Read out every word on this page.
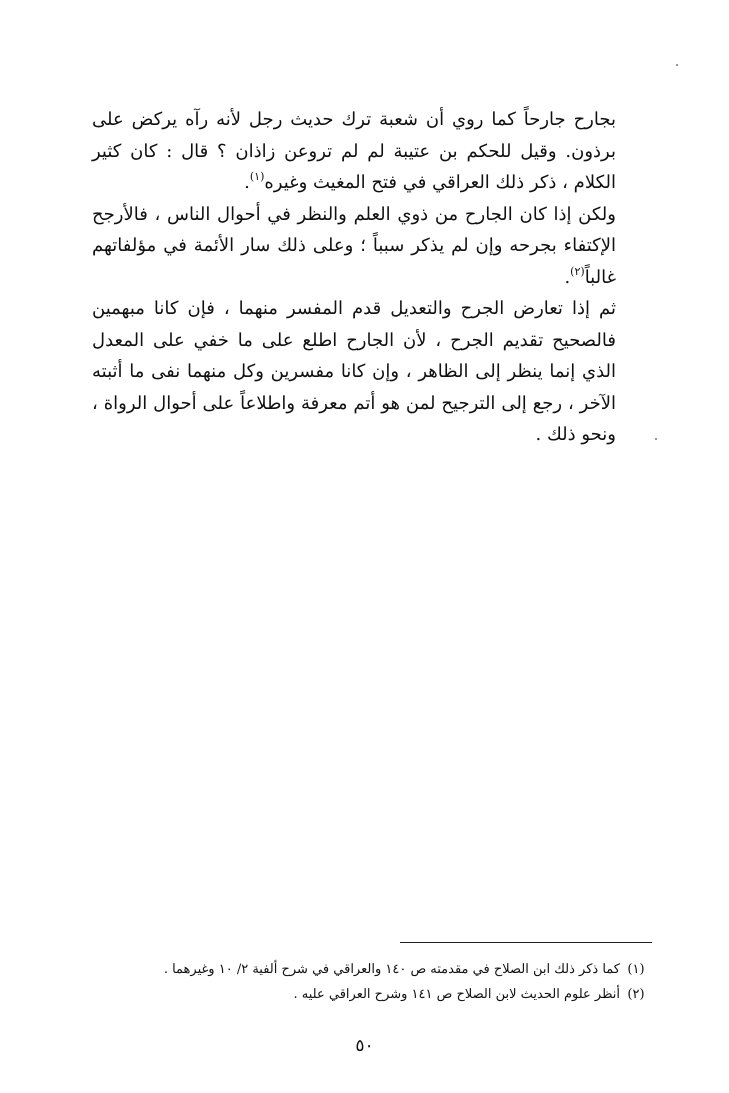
بجارح جارحاً كما روي أن شعبة ترك حديث رجل لأنه رآه يركض على برذون. وقيل للحكم بن عتيبة لم لم تروعن زاذان ؟ قال : كان كثير الكلام ، ذكر ذلك العراقي في فتح المغيث وغيره$^{(١)}$.

ولكن إذا كان الجارح من ذوي العلم والنظر في أحوال الناس ، فالأرجح الإكتفاء بجرحه وإن لم يذكر سبباً ؛ وعلى ذلك سار الأئمة في مؤلفاتهم غالباً$^{(٢)}$.

ثم إذا تعارض الجرح والتعديل قدم المفسر منهما ، فإن كانا مبهمين فالصحيح تقديم الجرح ، لأن الجارح اطلع على ما خفي على المعدل الذي إنما ينظر إلى الظاهر ، وإن كانا مفسرين وكل منهما نفى ما أثبته الآخر ، رجع إلى الترجيح لمن هو أتم معرفة واطلاعاً على أحوال الرواة ، ونحو ذلك .

(١)
كما ذكر ذلك ابن الصلاح في مقدمته ص ١٤٠ والعراقي في شرح ألفية ٢/ ١٠ وغيرهما .
(٢)
أنظر علوم الحديث لابن الصلاح ص ١٤١ وشرح العراقي عليه .
٥٠
